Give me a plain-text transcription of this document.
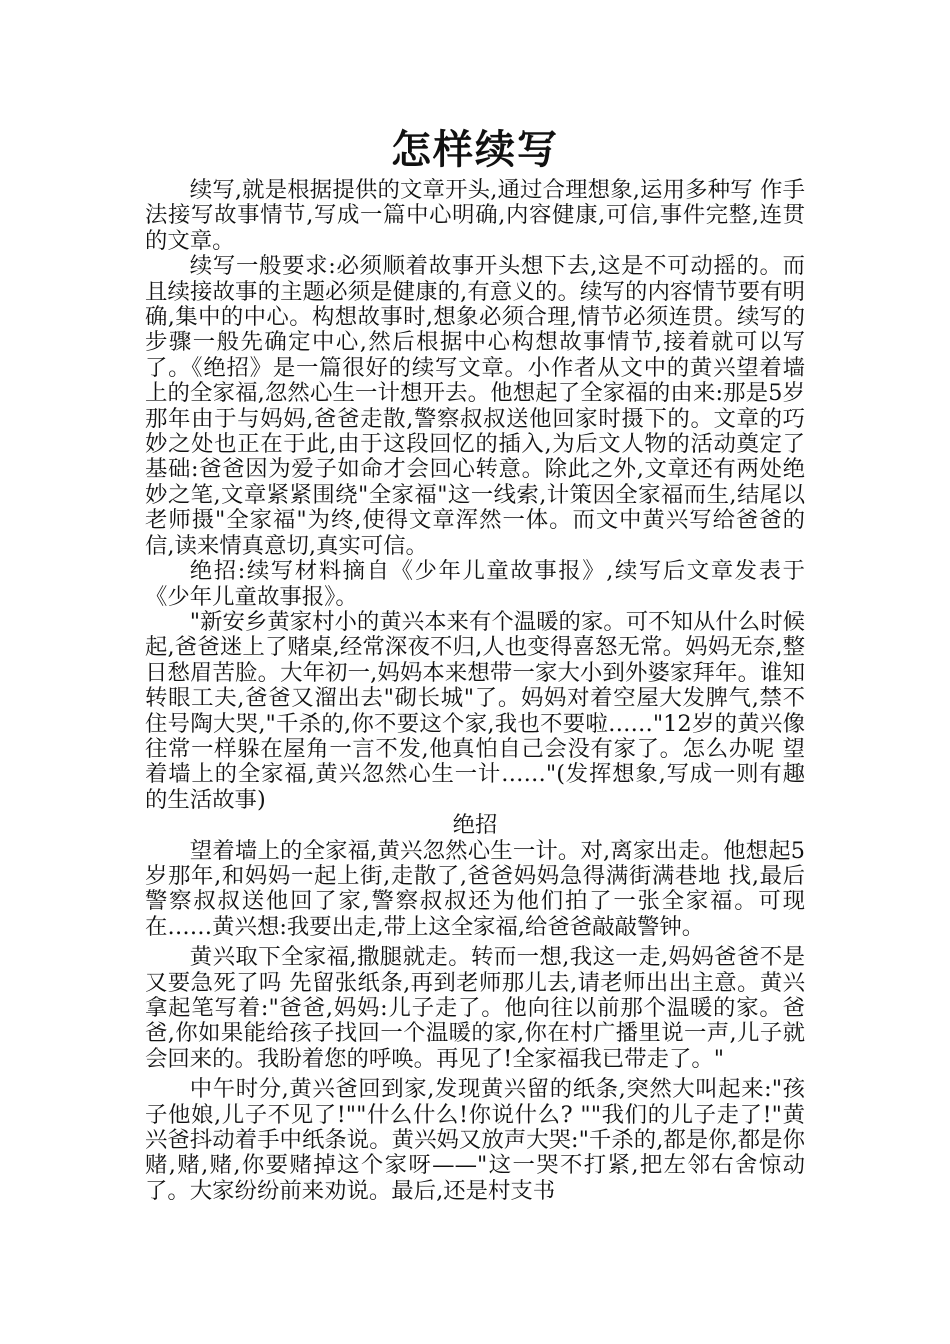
怎样续写

续写,就是根据提供的文章开头,通过合理想象,运用多种写 作手法接写故事情节,写成一篇中心明确,内容健康,可信,事件完整,连贯的文章。

续写一般要求:必须顺着故事开头想下去,这是不可动摇的。而且续接故事的主题必须是健康的,有意义的。续写的内容情节要有明确,集中的中心。构想故事时,想象必须合理,情节必须连贯。续写的步骤一般先确定中心,然后根据中心构想故事情节,接着就可以写了。《绝招》是一篇很好的续写文章。小作者从文中的黄兴望着墙上的全家福,忽然心生一计想开去。他想起了全家福的由来:那是5岁那年由于与妈妈,爸爸走散,警察叔叔送他回家时摄下的。文章的巧妙之处也正在于此,由于这段回忆的插入,为后文人物的活动奠定了基础:爸爸因为爱子如命才会回心转意。除此之外,文章还有两处绝妙之笔,文章紧紧围绕"全家福"这一线索,计策因全家福而生,结尾以老师摄"全家福"为终,使得文章浑然一体。而文中黄兴写给爸爸的信,读来情真意切,真实可信。

绝招:续写材料摘自《少年儿童故事报》,续写后文章发表于《少年儿童故事报》。

"新安乡黄家村小的黄兴本来有个温暖的家。可不知从什么时候起,爸爸迷上了赌桌,经常深夜不归,人也变得喜怒无常。妈妈无奈,整日愁眉苦脸。大年初一,妈妈本来想带一家大小到外婆家拜年。谁知转眼工夫,爸爸又溜出去"砌长城"了。妈妈对着空屋大发脾气,禁不住号陶大哭,"千杀的,你不要这个家,我也不要啦……"12岁的黄兴像往常一样躲在屋角一言不发,他真怕自己会没有家了。怎么办呢 望着墙上的全家福,黄兴忽然心生一计……"(发挥想象,写成一则有趣的生活故事)

绝招

望着墙上的全家福,黄兴忽然心生一计。对,离家出走。他想起5岁那年,和妈妈一起上街,走散了,爸爸妈妈急得满街满巷地 找,最后警察叔叔送他回了家,警察叔叔还为他们拍了一张全家福。可现在……黄兴想:我要出走,带上这全家福,给爸爸敲敲警钟。

黄兴取下全家福,撒腿就走。转而一想,我这一走,妈妈爸爸不是又要急死了吗 先留张纸条,再到老师那儿去,请老师出出主意。黄兴拿起笔写着:"爸爸,妈妈:儿子走了。他向往以前那个温暖的家。爸爸,你如果能给孩子找回一个温暖的家,你在村广播里说一声,儿子就会回来的。我盼着您的呼唤。再见了!全家福我已带走了。"

中午时分,黄兴爸回到家,发现黄兴留的纸条,突然大叫起来:"孩子他娘,儿子不见了!""什么什么!你说什么? ""我们的儿子走了!"黄兴爸抖动着手中纸条说。黄兴妈又放声大哭:"千杀的,都是你,都是你赌,赌,赌,你要赌掉这个家呀——"这一哭不打紧,把左邻右舍惊动了。大家纷纷前来劝说。最后,还是村支书
